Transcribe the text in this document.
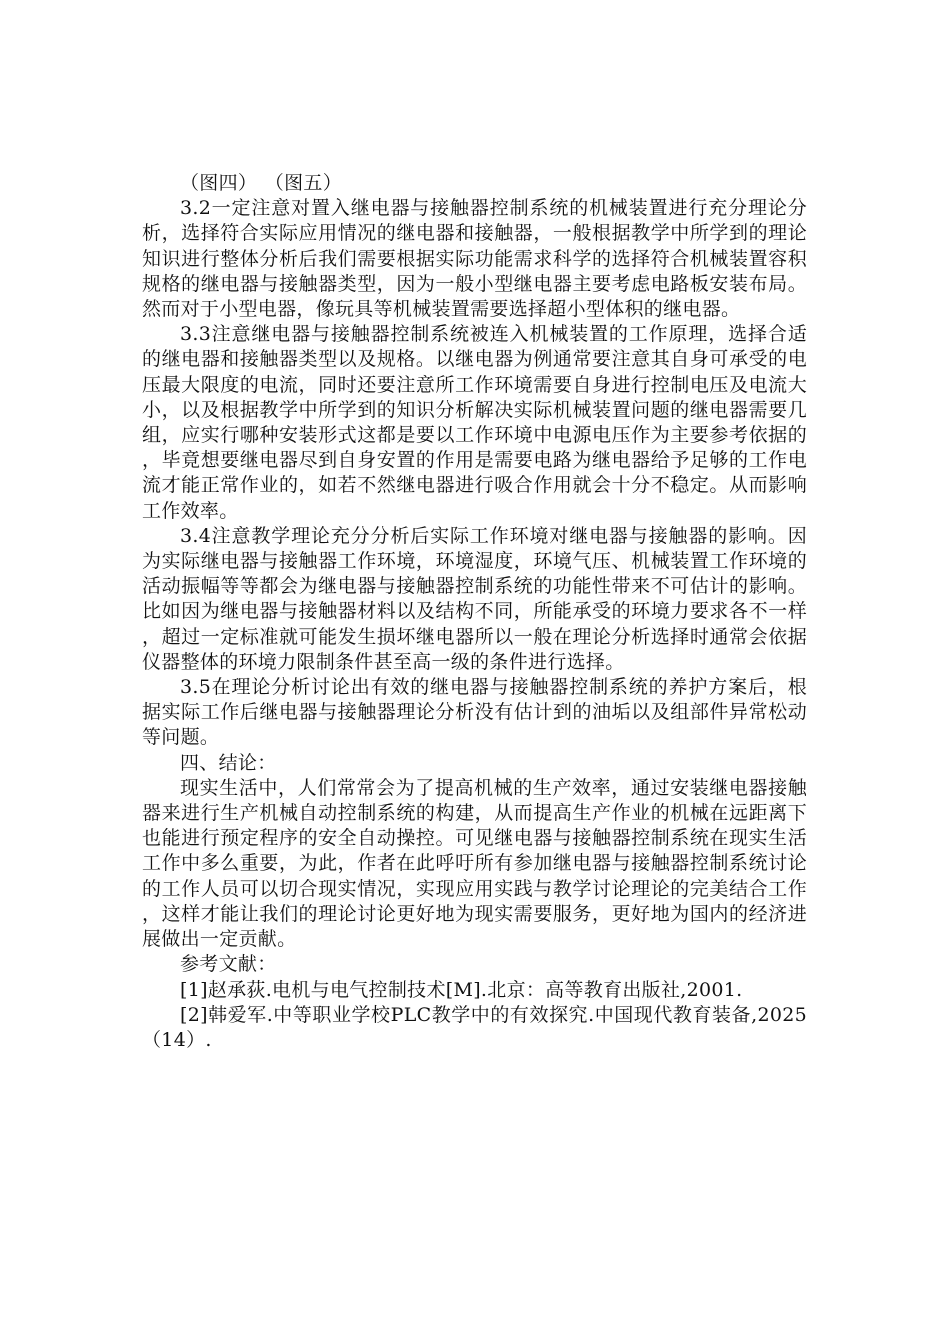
（图四） （图五）

3.2一定注意对置入继电器与接触器控制系统的机械装置进行充分理论分析，选择符合实际应用情况的继电器和接触器，一般根据教学中所学到的理论知识进行整体分析后我们需要根据实际功能需求科学的选择符合机械装置容积规格的继电器与接触器类型，因为一般小型继电器主要考虑电路板安装布局。然而对于小型电器，像玩具等机械装置需要选择超小型体积的继电器。

3.3注意继电器与接触器控制系统被连入机械装置的工作原理，选择合适的继电器和接触器类型以及规格。以继电器为例通常要注意其自身可承受的电压最大限度的电流，同时还要注意所工作环境需要自身进行控制电压及电流大小，以及根据教学中所学到的知识分析解决实际机械装置问题的继电器需要几组，应实行哪种安装形式这都是要以工作环境中电源电压作为主要参考依据的，毕竟想要继电器尽到自身安置的作用是需要电路为继电器给予足够的工作电流才能正常作业的，如若不然继电器进行吸合作用就会十分不稳定。从而影响工作效率。

3.4注意教学理论充分分析后实际工作环境对继电器与接触器的影响。因为实际继电器与接触器工作环境，环境湿度，环境气压、机械装置工作环境的活动振幅等等都会为继电器与接触器控制系统的功能性带来不可估计的影响。比如因为继电器与接触器材料以及结构不同，所能承受的环境力要求各不一样，超过一定标准就可能发生损坏继电器所以一般在理论分析选择时通常会依据仪器整体的环境力限制条件甚至高一级的条件进行选择。

3.5在理论分析讨论出有效的继电器与接触器控制系统的养护方案后，根据实际工作后继电器与接触器理论分析没有估计到的油垢以及组部件异常松动等问题。

四、结论：

现实生活中，人们常常会为了提高机械的生产效率，通过安装继电器接触器来进行生产机械自动控制系统的构建，从而提高生产作业的机械在远距离下也能进行预定程序的安全自动操控。可见继电器与接触器控制系统在现实生活工作中多么重要，为此，作者在此呼吁所有参加继电器与接触器控制系统讨论的工作人员可以切合现实情况，实现应用实践与教学讨论理论的完美结合工作，这样才能让我们的理论讨论更好地为现实需要服务，更好地为国内的经济进展做出一定贡献。

参考文献：

[1]赵承荻.电机与电气控制技术[M].北京：高等教育出版社,2001.

[2]韩爱军.中等职业学校PLC教学中的有效探究.中国现代教育装备,2025（14）.
